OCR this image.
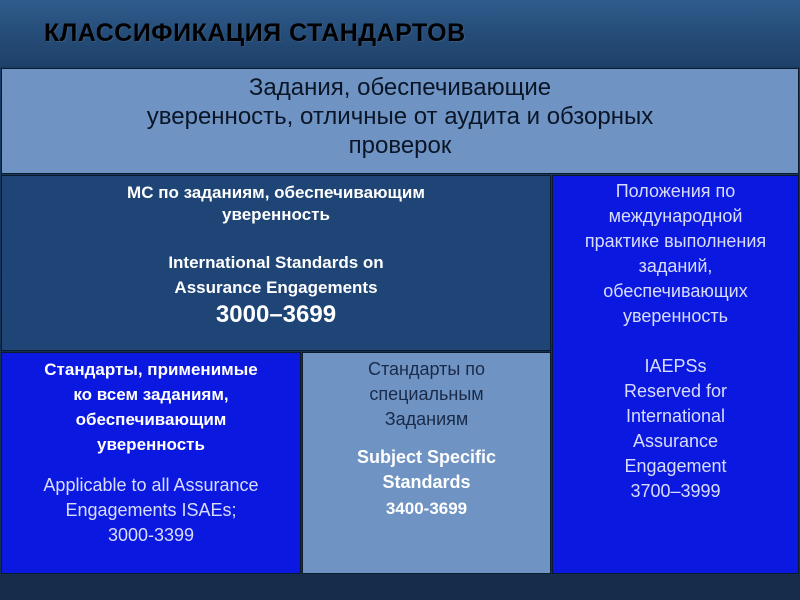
КЛАССИФИКАЦИЯ СТАНДАРТОВ
Задания, обеспечивающие
уверенность, отличные от аудита и обзорных
проверок
МС по заданиям, обеспечивающим
уверенность
International Standards on
Assurance Engagements
3000–3699
Положения по
международной
практике выполнения
заданий,
обеспечивающих
уверенность
IAEPSs
Reserved for
International
Assurance
Engagement
3700–3999
Стандарты, применимые
ко всем заданиям,
обеспечивающим
уверенность
Applicable to all Assurance
Engagements ISAEs;
3000-3399
Стандарты по
специальным
Заданиям
Subject Specific
Standards
3400-3699
